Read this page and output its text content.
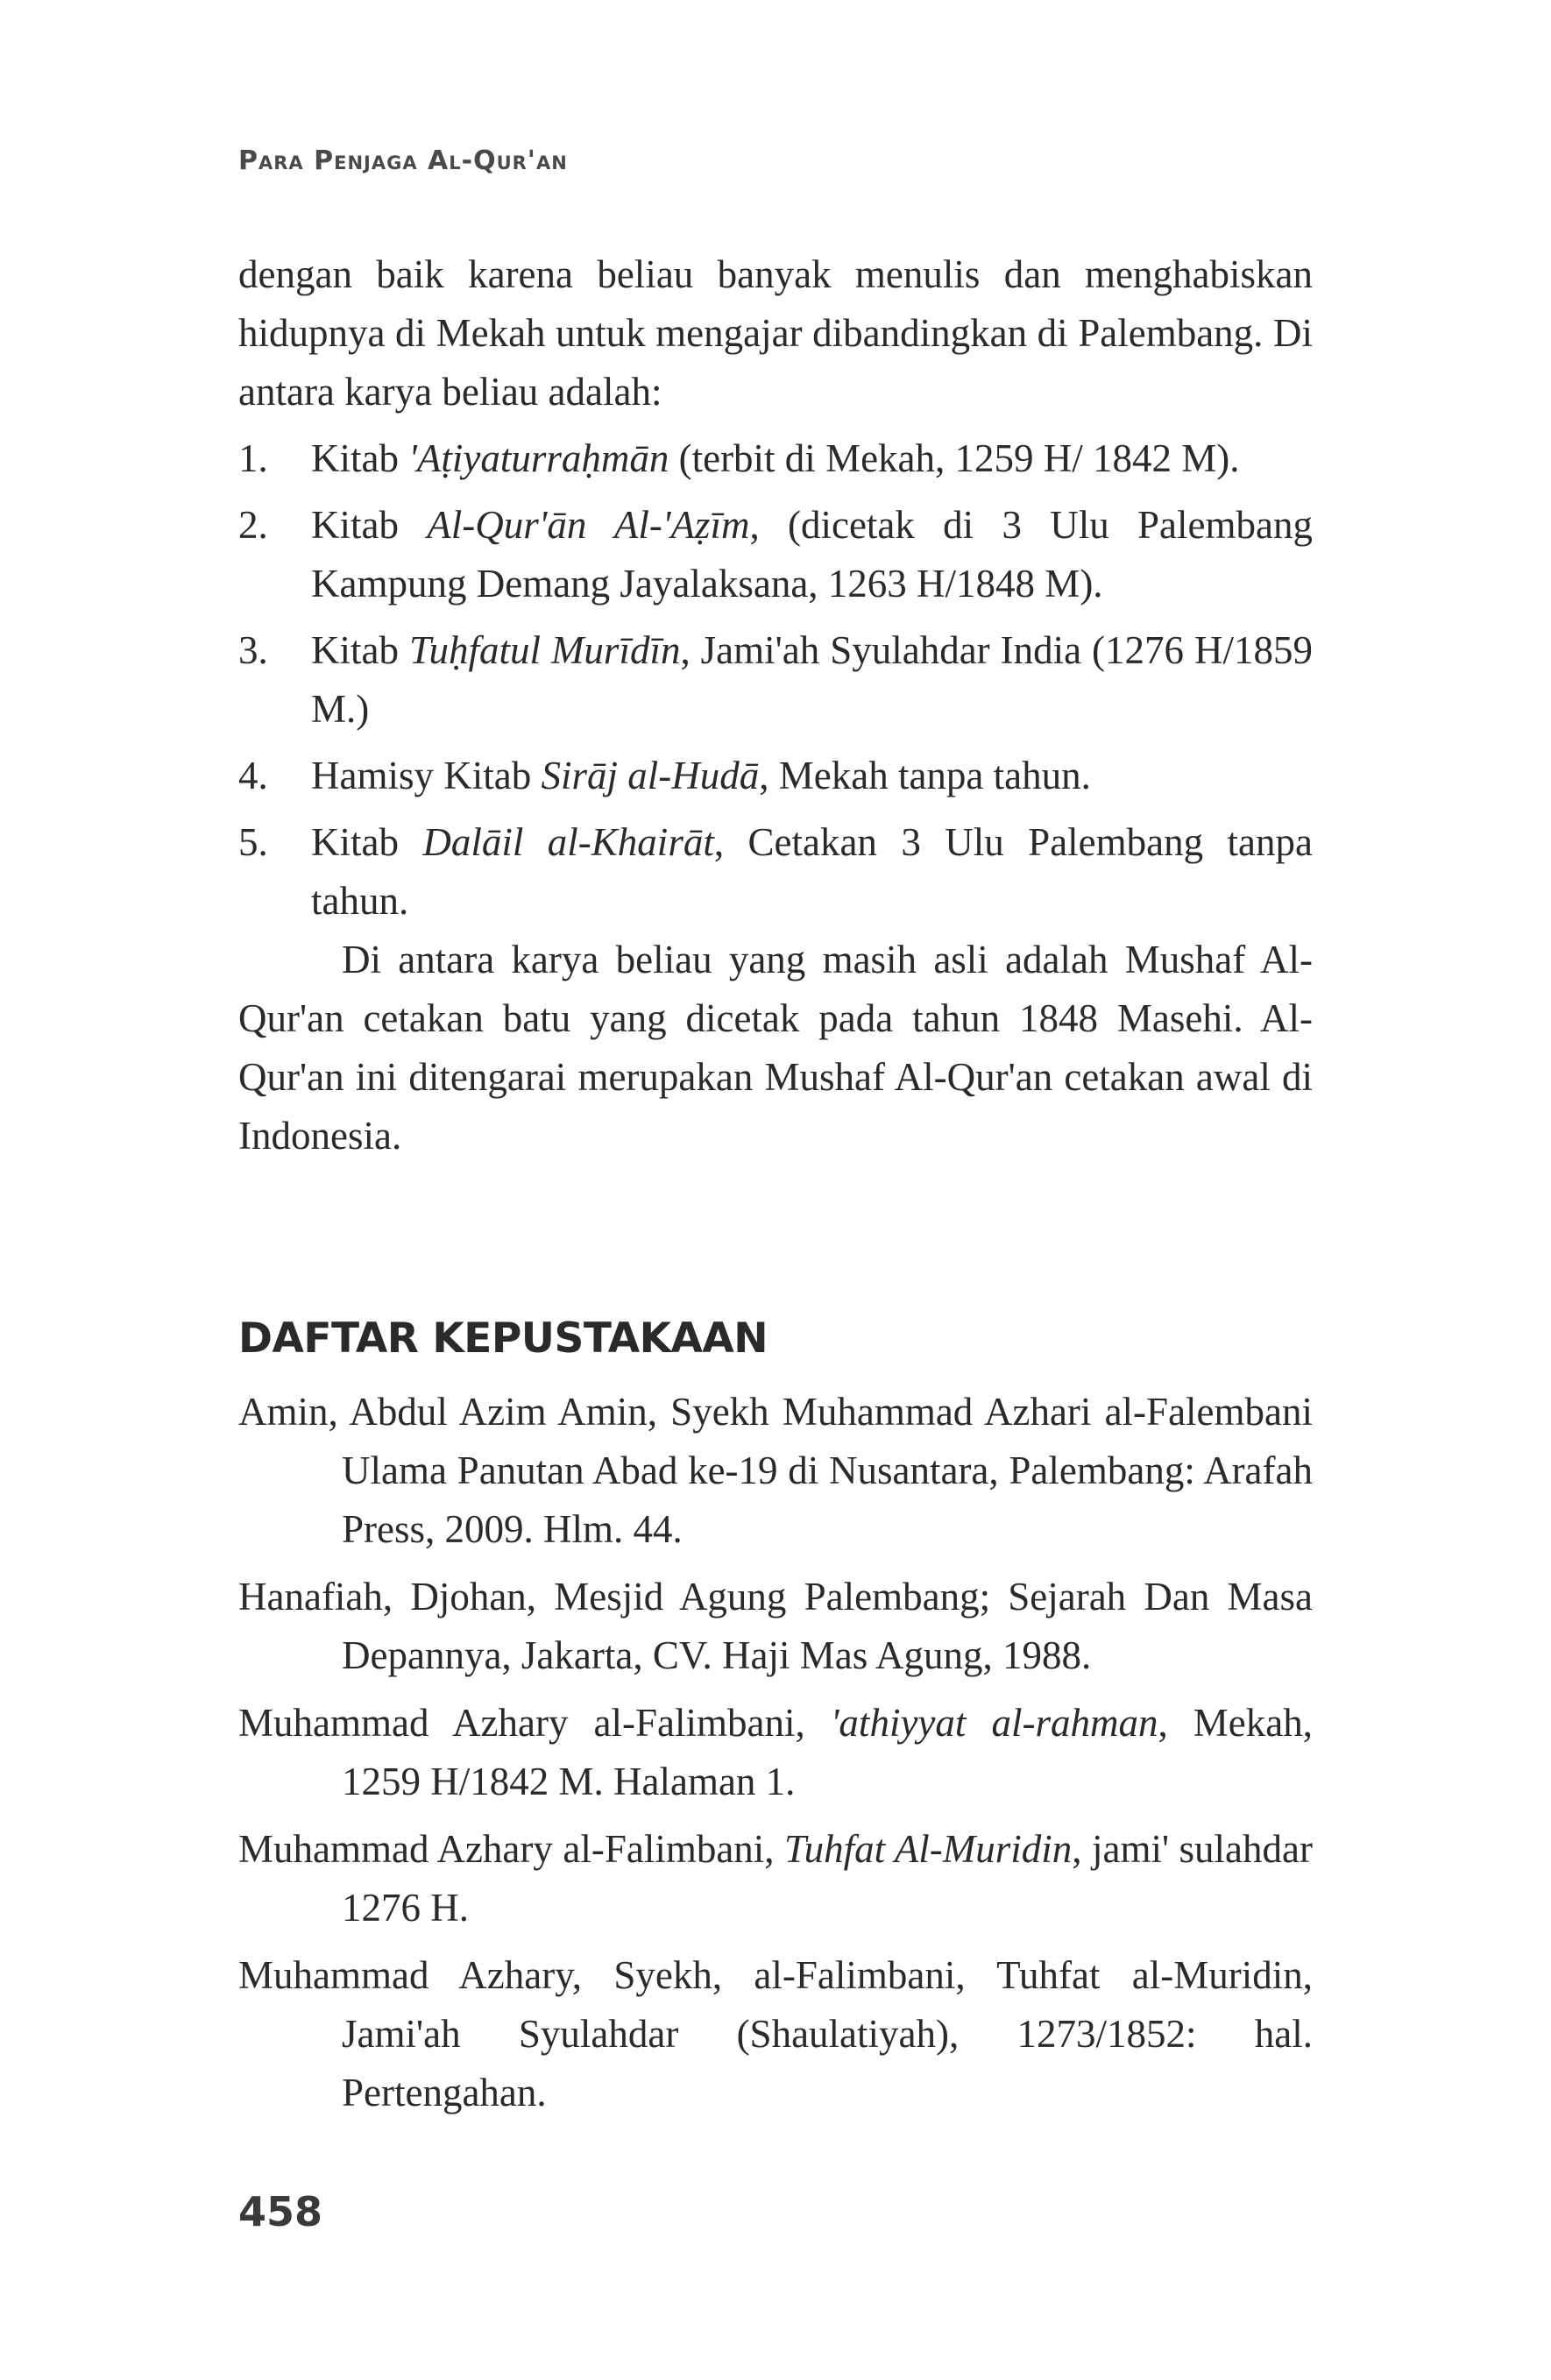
Para Penjaga Al-Qur'an

dengan baik karena beliau banyak menulis dan menghabiskan hidupnya di Mekah untuk mengajar dibandingkan di Palembang. Di antara karya beliau adalah:

1. Kitab 'Aṭiyaturraḥmān (terbit di Mekah, 1259 H/ 1842 M).
2. Kitab Al-Qur'ān Al-'Aẓīm, (dicetak di 3 Ulu Palembang Kampung Demang Jayalaksana, 1263 H/1848 M).
3. Kitab Tuḥfatul Murīdīn, Jami'ah Syulahdar India (1276 H/1859 M.)
4. Hamisy Kitab Sirāj al-Hudā, Mekah tanpa tahun.
5. Kitab Dalāil al-Khairāt, Cetakan 3 Ulu Palembang tanpa tahun.

Di antara karya beliau yang masih asli adalah Mushaf Al-Qur'an cetakan batu yang dicetak pada tahun 1848 Masehi. Al-Qur'an ini ditengarai merupakan Mushaf Al-Qur'an cetakan awal di Indonesia.

DAFTAR KEPUSTAKAAN

Amin, Abdul Azim Amin, Syekh Muhammad Azhari al-Falembani Ulama Panutan Abad ke-19 di Nusantara, Palembang: Arafah Press, 2009. Hlm. 44.

Hanafiah, Djohan, Mesjid Agung Palembang; Sejarah Dan Masa Depannya, Jakarta, CV. Haji Mas Agung, 1988.

Muhammad Azhary al-Falimbani, 'athiyyat al-rahman, Mekah, 1259 H/1842 M. Halaman 1.

Muhammad Azhary al-Falimbani, Tuhfat Al-Muridin, jami' sulahdar 1276 H.

Muhammad Azhary, Syekh, al-Falimbani, Tuhfat al-Muridin, Jami'ah Syulahdar (Shaulatiyah), 1273/1852: hal. Pertengahan.

458
